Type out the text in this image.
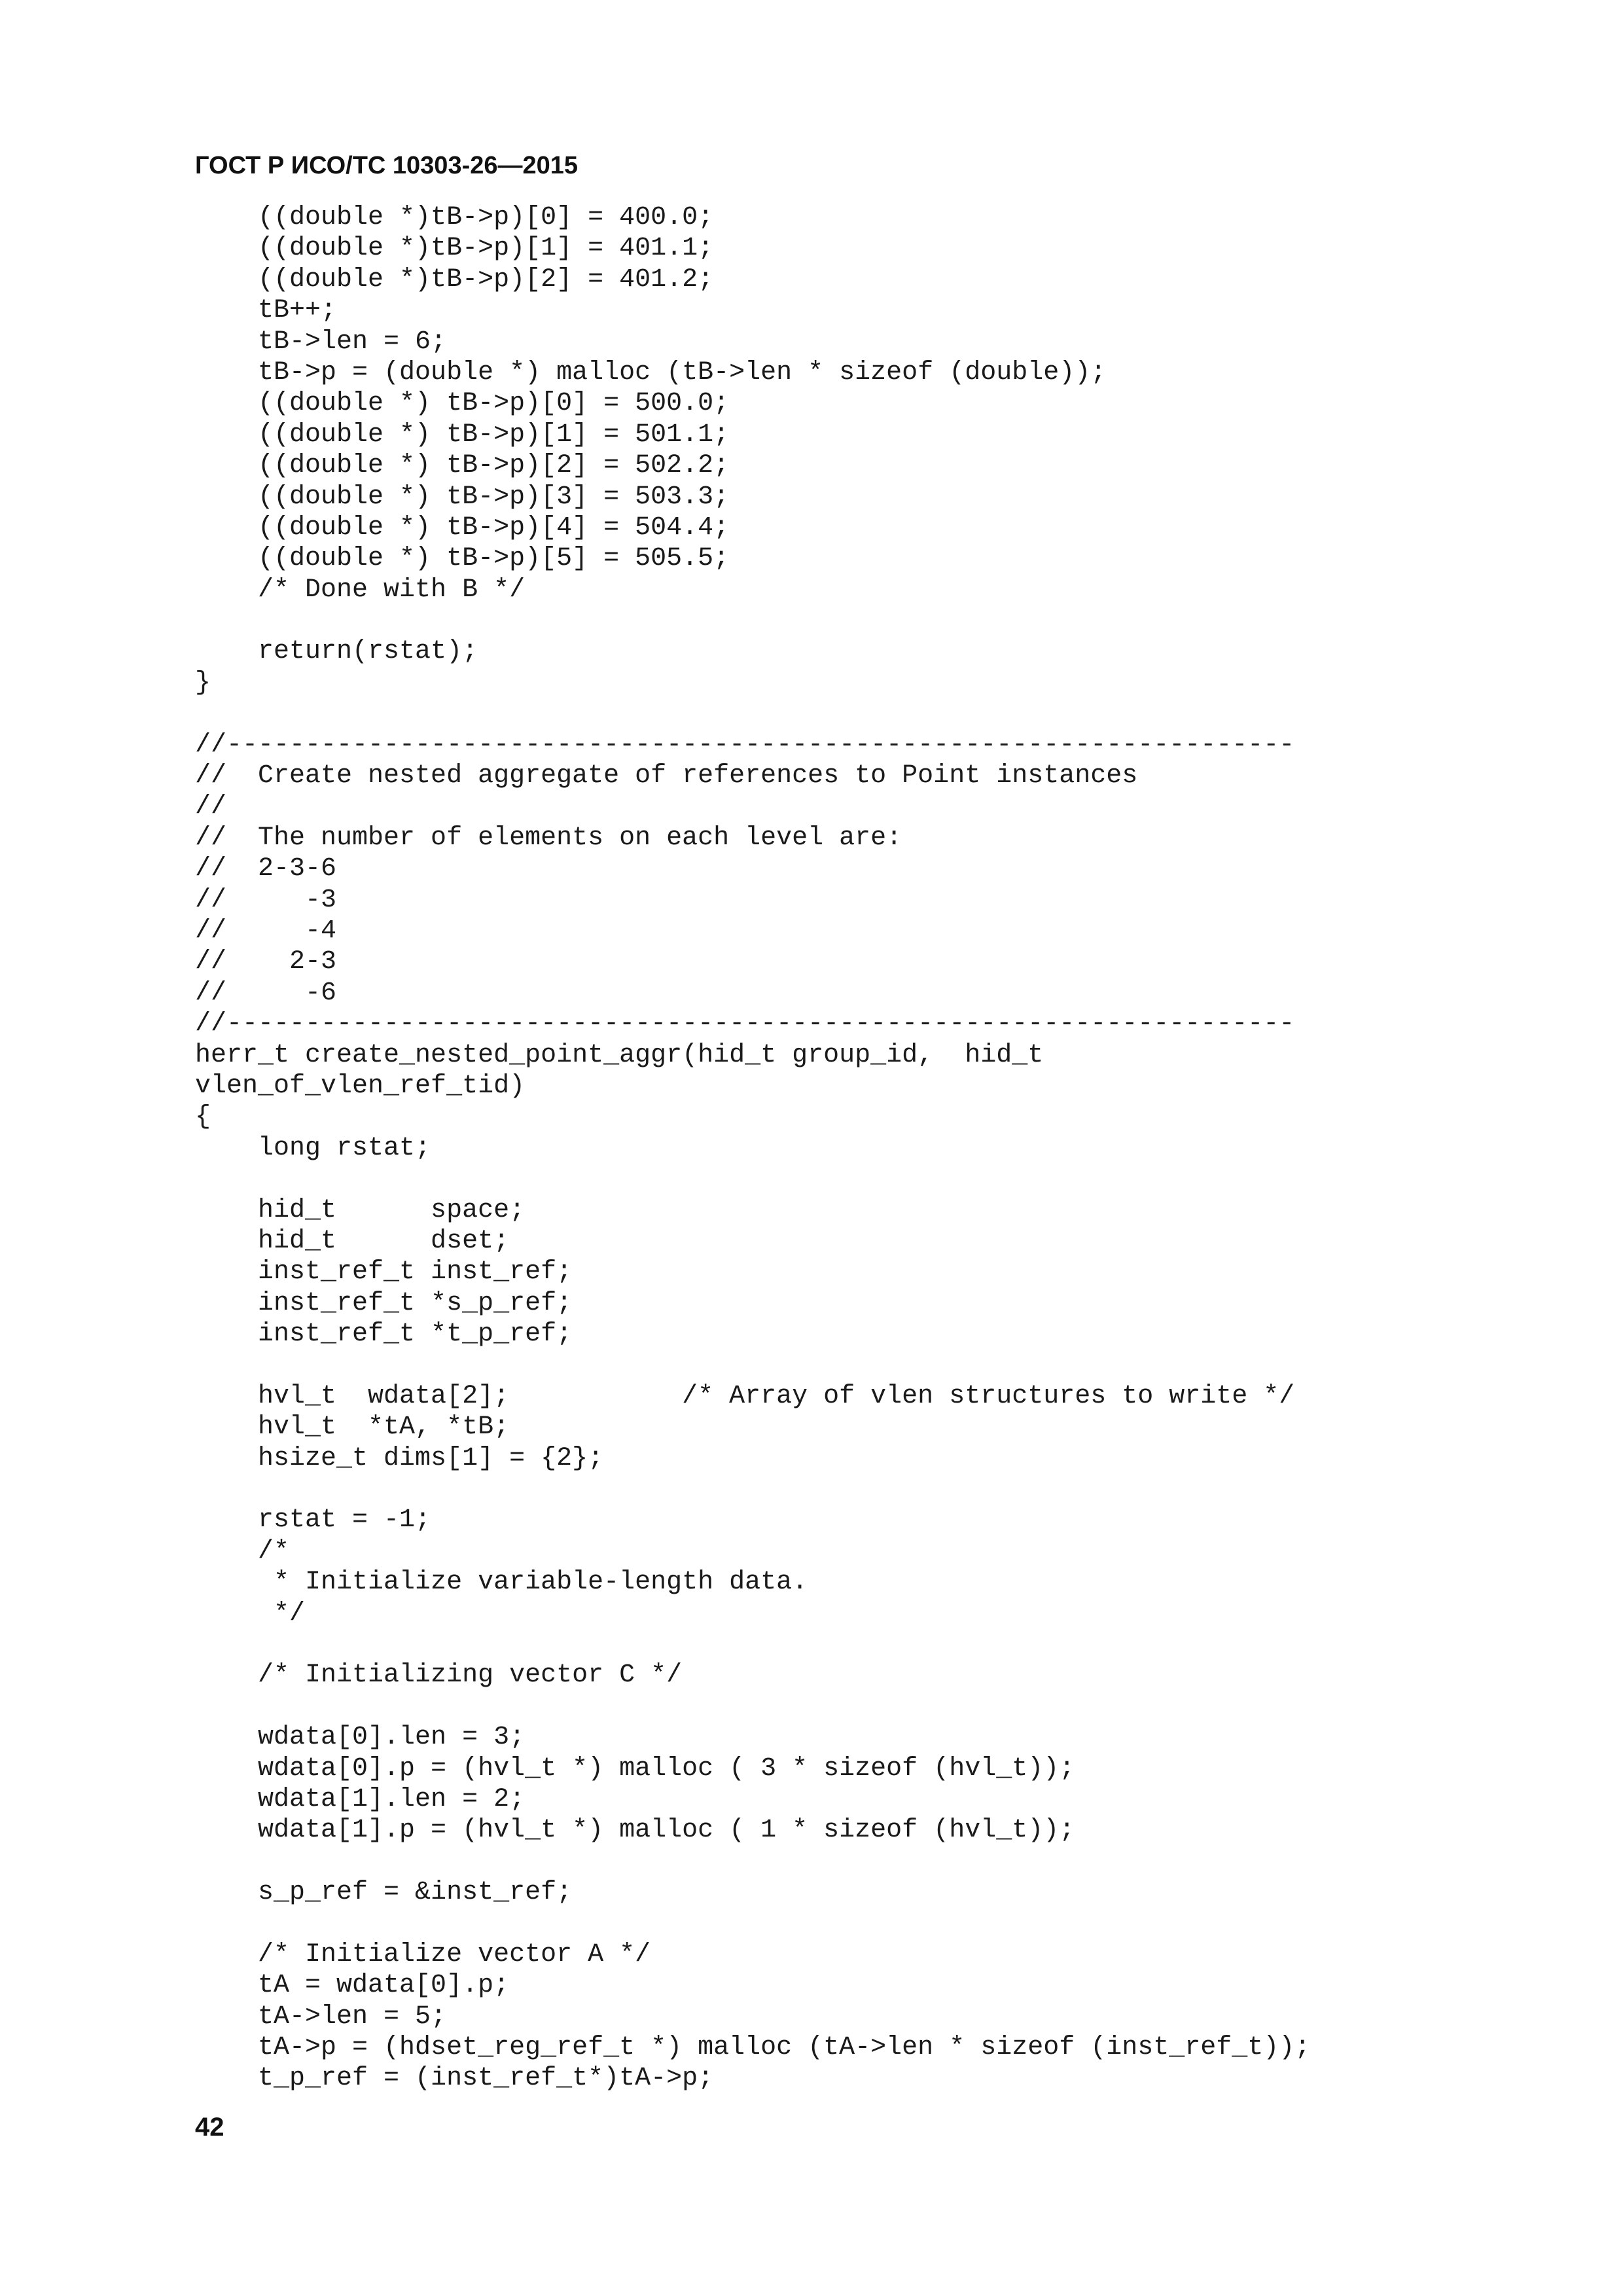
ГОСТ Р ИСО/ТС 10303-26—2015
((double *)tB->p)[0] = 400.0;
((double *)tB->p)[1] = 401.1;
((double *)tB->p)[2] = 401.2;
tB++;
tB->len = 6;
tB->p = (double *) malloc (tB->len * sizeof (double));
((double *) tB->p)[0] = 500.0;
((double *) tB->p)[1] = 501.1;
((double *) tB->p)[2] = 502.2;
((double *) tB->p)[3] = 503.3;
((double *) tB->p)[4] = 504.4;
((double *) tB->p)[5] = 505.5;
/* Done with B */
return(rstat);
}
//--------------------------------------------------------------------
//  Create nested aggregate of references to Point instances
//
//  The number of elements on each level are:
//  2-3-6
//     -3
//     -4
//    2-3
//     -6
//--------------------------------------------------------------------
herr_t create_nested_point_aggr(hid_t group_id,  hid_t
vlen_of_vlen_ref_tid)
{
long rstat;
hid_t      space;
hid_t      dset;
inst_ref_t inst_ref;
inst_ref_t *s_p_ref;
inst_ref_t *t_p_ref;
hvl_t  wdata[2];           /* Array of vlen structures to write */
hvl_t  *tA, *tB;
hsize_t dims[1] = {2};
rstat = -1;
/*
* Initialize variable-length data.
*/
/* Initializing vector C */
wdata[0].len = 3;
wdata[0].p = (hvl_t *) malloc ( 3 * sizeof (hvl_t));
wdata[1].len = 2;
wdata[1].p = (hvl_t *) malloc ( 1 * sizeof (hvl_t));
s_p_ref = &inst_ref;
/* Initialize vector A */
tA = wdata[0].p;
tA->len = 5;
tA->p = (hdset_reg_ref_t *) malloc (tA->len * sizeof (inst_ref_t));
t_p_ref = (inst_ref_t*)tA->p;
42
